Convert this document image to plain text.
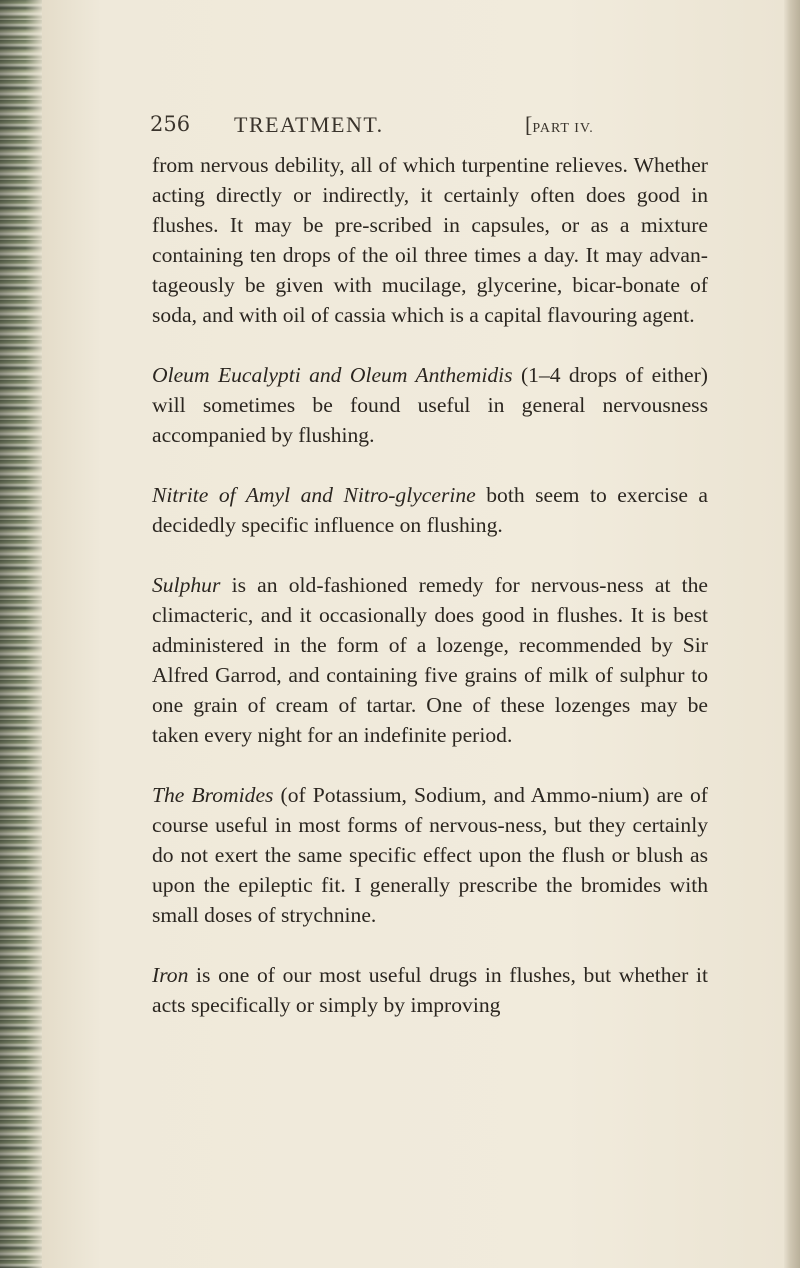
256 TREATMENT.	[PART IV.

from nervous debility, all of which turpentine relieves. Whether acting directly or indirectly, it certainly often does good in flushes. It may be pre-scribed in capsules, or as a mixture containing ten drops of the oil three times a day. It may advan-tageously be given with mucilage, glycerine, bicar-bonate of soda, and with oil of cassia which is a capital flavouring agent.

Oleum Eucalypti and Oleum Anthemidis (1–4 drops of either) will sometimes be found useful in general nervousness accompanied by flushing.

Nitrite of Amyl and Nitro-glycerine both seem to exercise a decidedly specific influence on flushing.

Sulphur is an old-fashioned remedy for nervous-ness at the climacteric, and it occasionally does good in flushes. It is best administered in the form of a lozenge, recommended by Sir Alfred Garrod, and containing five grains of milk of sulphur to one grain of cream of tartar. One of these lozenges may be taken every night for an indefinite period.

The Bromides (of Potassium, Sodium, and Ammo-nium) are of course useful in most forms of nervous-ness, but they certainly do not exert the same specific effect upon the flush or blush as upon the epileptic fit. I generally prescribe the bromides with small doses of strychnine.

Iron is one of our most useful drugs in flushes, but whether it acts specifically or simply by improving
